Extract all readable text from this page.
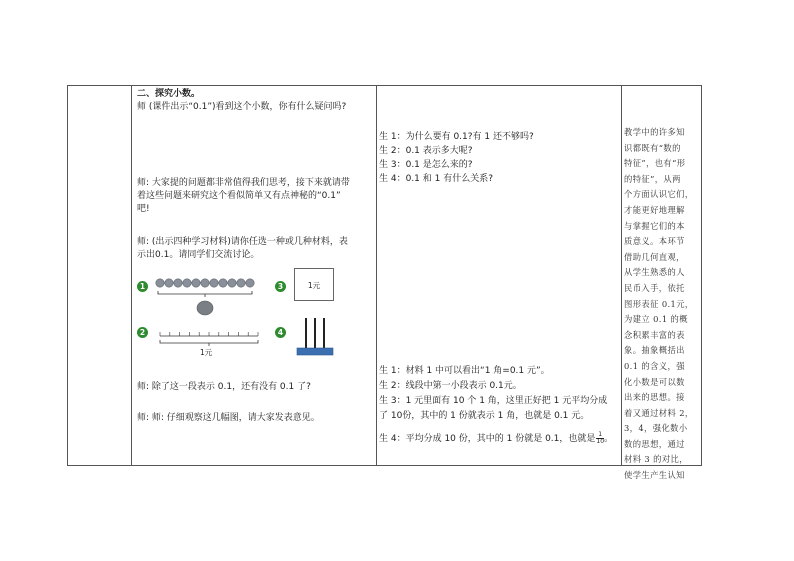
二、探究小数。
师 (课件出示“0.1”)看到这个小数，你有什么疑问吗?
师: 大家提的问题都非常值得我们思考，接下来就请带
着这些问题来研究这个看似简单又有点神秘的“0.1”
吧!
师: (出示四种学习材料)请你任选一种或几种材料，表
示出0.1。请同学们交流讨论。
1
2
3
4
1元
1元
师: 除了这一段表示 0.1，还有没有 0.1 了?
师: 师: 仔细观察这几幅图，请大家发表意见。
生 1：为什么要有 0.1?有 1 还不够吗?
生 2：0.1 表示多大呢?
生 3：0.1 是怎么来的?
生 4：0.1 和 1 有什么关系?
生 1：材料 1 中可以看出“1 角=0.1 元”。
生 2：线段中第一小段表示 0.1元。
生 3：1 元里面有 10 个 1 角，这里正好把 1 元平均分成
了 10份，其中的 1 份就表示 1 角，也就是 0.1 元。
生 4：平均分成 10 份，其中的 1 份就是 0.1，也就是 $\frac{1}{10}$ 。
教学中的许多知
识都既有“数的
特征”，也有“形
的特征”，从两
个方面认识它们，
才能更好地理解
与掌握它们的本
质意义。本环节
借助几何直观，
从学生熟悉的人
民币入手，依托
图形表征 0.1元，
为建立 0.1 的概
念积累丰富的表
象。抽象概括出
0.1 的含义，强
化小数是可以数
出来的思想。接
着又通过材料 2，
3，4，强化数小
数的思想，通过
材料 3 的对比，
使学生产生认知
